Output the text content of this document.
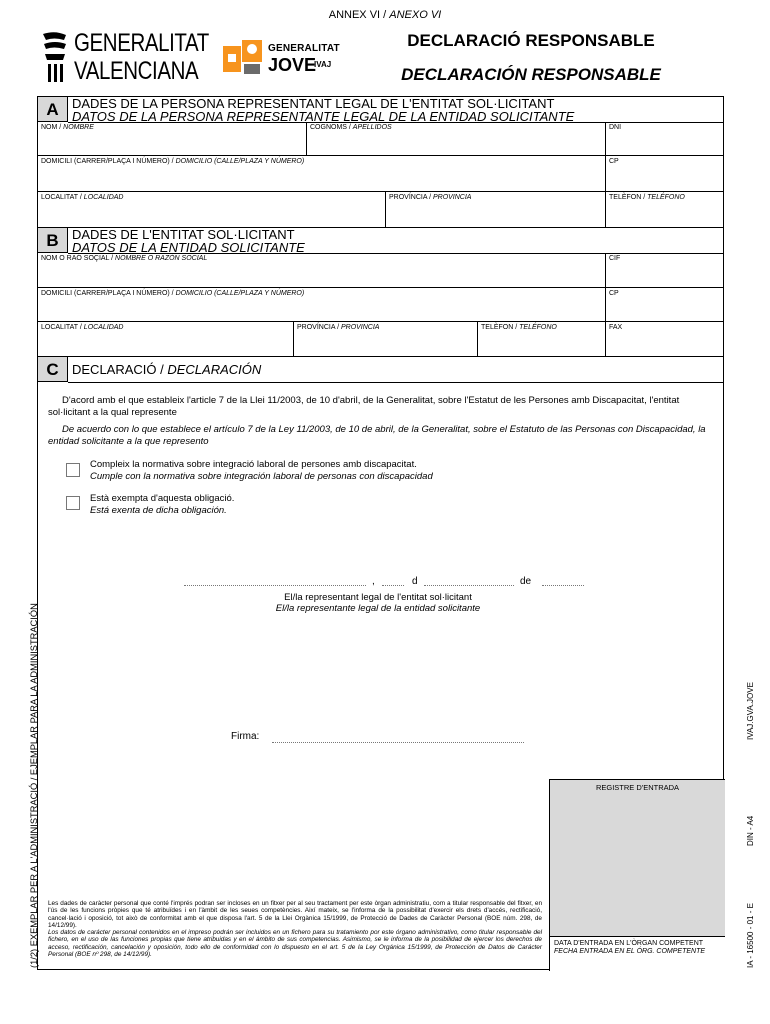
ANNEX VI / ANEXO VI
GENERALITAT
VALENCIANA
GENERALITAT
JOVE
IVAJ
DECLARACIÓ RESPONSABLE
DECLARACIÓN RESPONSABLE
(1/2) EXEMPLAR PER A L'ADMINISTRACIÓ / EJEMPLAR PARA LA ADMINISTRACIÓN	IVAJ.GVA.JOVE
DIN - A4
IA - 16500 - 01 - E
A	DADES DE LA PERSONA REPRESENTANT LEGAL DE L'ENTITAT SOL·LICITANT
DATOS DE LA PERSONA REPRESENTANTE LEGAL DE LA ENTIDAD SOLICITANTE
NOM / NOMBRE	COGNOMS / APELLIDOS	DNI
DOMICILI (CARRER/PLAÇA I NÚMERO) / DOMICILIO (CALLE/PLAZA Y NÚMERO)	CP
LOCALITAT / LOCALIDAD	PROVÍNCIA / PROVINCIA	TELÈFON / TELÉFONO
B	DADES DE L'ENTITAT SOL·LICITANT
DATOS DE LA ENTIDAD SOLICITANTE
NOM O RAÓ SOÇIAL / NOMBRE O RAZÓN SOCIAL	CIF
DOMICILI (CARRER/PLAÇA I NÚMERO) / DOMICILIO (CALLE/PLAZA Y NÚMERO)	CP
LOCALITAT / LOCALIDAD	PROVÍNCIA / PROVINCIA	TELÈFON / TELÉFONO	FAX
C	DECLARACIÓ / DECLARACIÓN
D'acord amb el que estableix l'article 7 de la Llei 11/2003, de 10 d'abril, de la Generalitat, sobre l'Estatut de les Persones amb Discapacitat, l'entitat sol·licitant a la qual represente
De acuerdo con lo que establece el artículo 7 de la Ley 11/2003, de 10 de abril, de la Generalitat, sobre el Estatuto de las Personas con Discapacidad, la entidad solicitante a la que represento
Compleix la normativa sobre integració laboral de persones amb discapacitat.
Cumple con la normativa sobre integración laboral de personas con discapacidad
Està exempta d'aquesta obligació.
Está exenta de dicha obligación.
,	d	de
El/la representant legal de l'entitat sol·licitant
El/la representante legal de la entidad solicitante
Firma:
REGISTRE D'ENTRADA
DATA D'ENTRADA EN L'ÒRGAN COMPETENT
FECHA ENTRADA EN EL ÓRG. COMPETENTE
Les dades de caràcter personal que conté l'imprés podran ser incloses en un fitxer per al seu tractament per este òrgan administratiu, com a titular responsable del fitxer, en l'ús de les funcions pròpies que té atribuïdes i en l'àmbit de les seues competències. Així mateix, se l'informa de la possibilitat d'exercir els drets d'accés, rectificació, cancel·lació i oposició, tot això de conformitat amb el que disposa l'art. 5 de la Llei Orgànica 15/1999, de Protecció de Dades de Caràcter Personal (BOE núm. 298, de 14/12/99).
Los datos de carácter personal contenidos en el impreso podrán ser incluidos en un fichero para su tratamiento por este órgano administrativo, como titular responsable del fichero, en el uso de las funciones propias que tiene atribuidas y en el ámbito de sus competencias. Asimismo, se le informa de la posibilidad de ejercer los derechos de acceso, rectificación, cancelación y oposición, todo ello de conformidad con lo dispuesto en el art. 5 de la Ley Orgánica 15/1999, de Protección de Datos de Carácter Personal (BOE nº 298, de 14/12/99).
